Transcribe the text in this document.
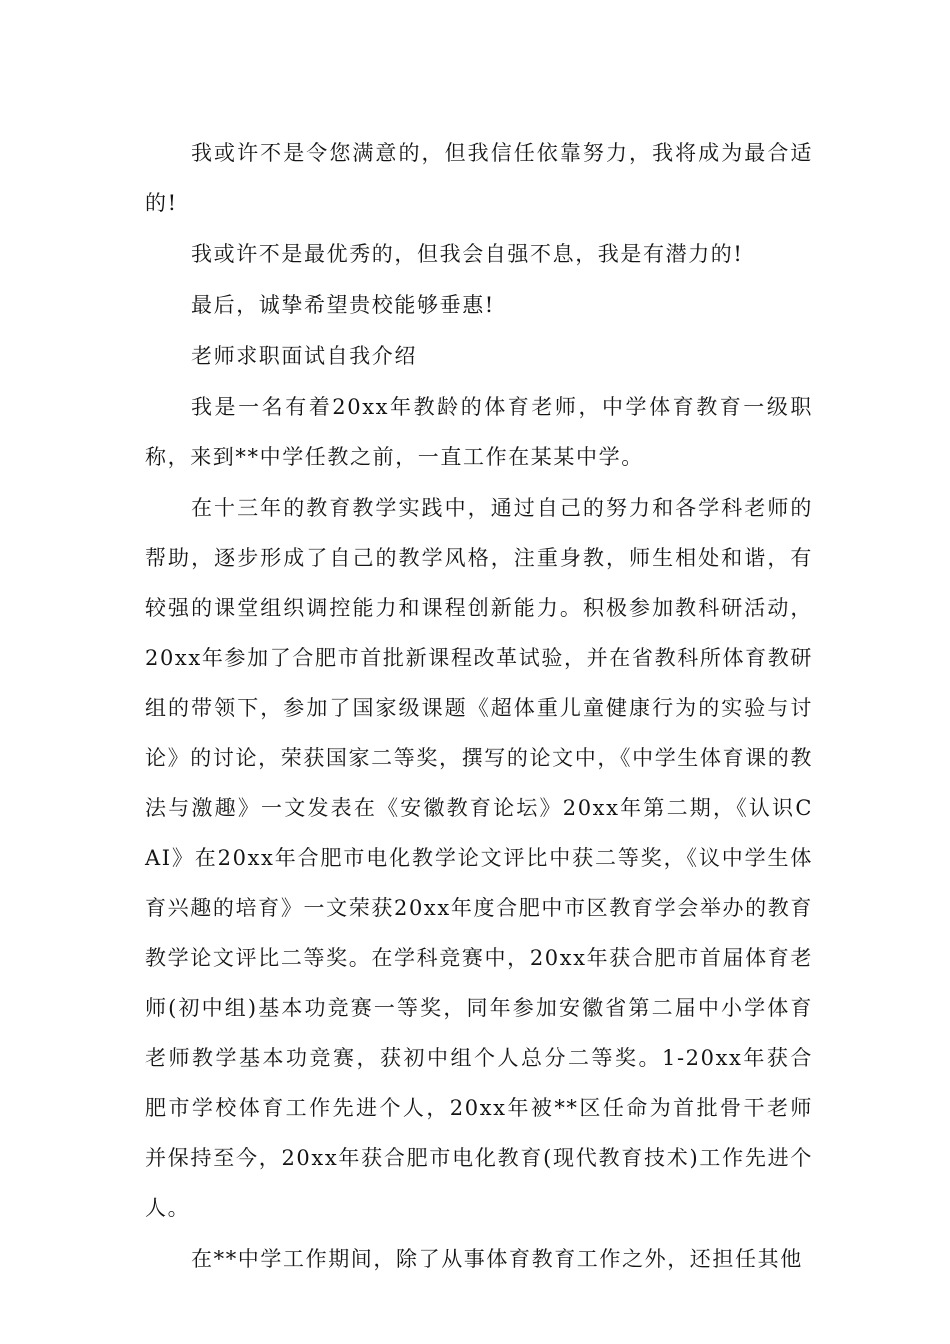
我或许不是令您满意的，但我信任依靠努力，我将成为最合适的!

我或许不是最优秀的，但我会自强不息，我是有潜力的!

最后，诚挚希望贵校能够垂惠!

老师求职面试自我介绍

我是一名有着20xx年教龄的体育老师，中学体育教育一级职称，来到**中学任教之前，一直工作在某某中学。

在十三年的教育教学实践中，通过自己的努力和各学科老师的帮助，逐步形成了自己的教学风格，注重身教，师生相处和谐，有较强的课堂组织调控能力和课程创新能力。积极参加教科研活动，20xx年参加了合肥市首批新课程改革试验，并在省教科所体育教研组的带领下，参加了国家级课题《超体重儿童健康行为的实验与讨论》的讨论，荣获国家二等奖，撰写的论文中，《中学生体育课的教法与激趣》一文发表在《安徽教育论坛》20xx年第二期，《认识CAI》在20xx年合肥市电化教学论文评比中获二等奖，《议中学生体育兴趣的培育》一文荣获20xx年度合肥中市区教育学会举办的教育教学论文评比二等奖。在学科竞赛中，20xx年获合肥市首届体育老师(初中组)基本功竞赛一等奖，同年参加安徽省第二届中小学体育老师教学基本功竞赛，获初中组个人总分二等奖。1-20xx年获合肥市学校体育工作先进个人，20xx年被**区任命为首批骨干老师并保持至今，20xx年获合肥市电化教育(现代教育技术)工作先进个人。

在**中学工作期间，除了从事体育教育工作之外，还担任其他
